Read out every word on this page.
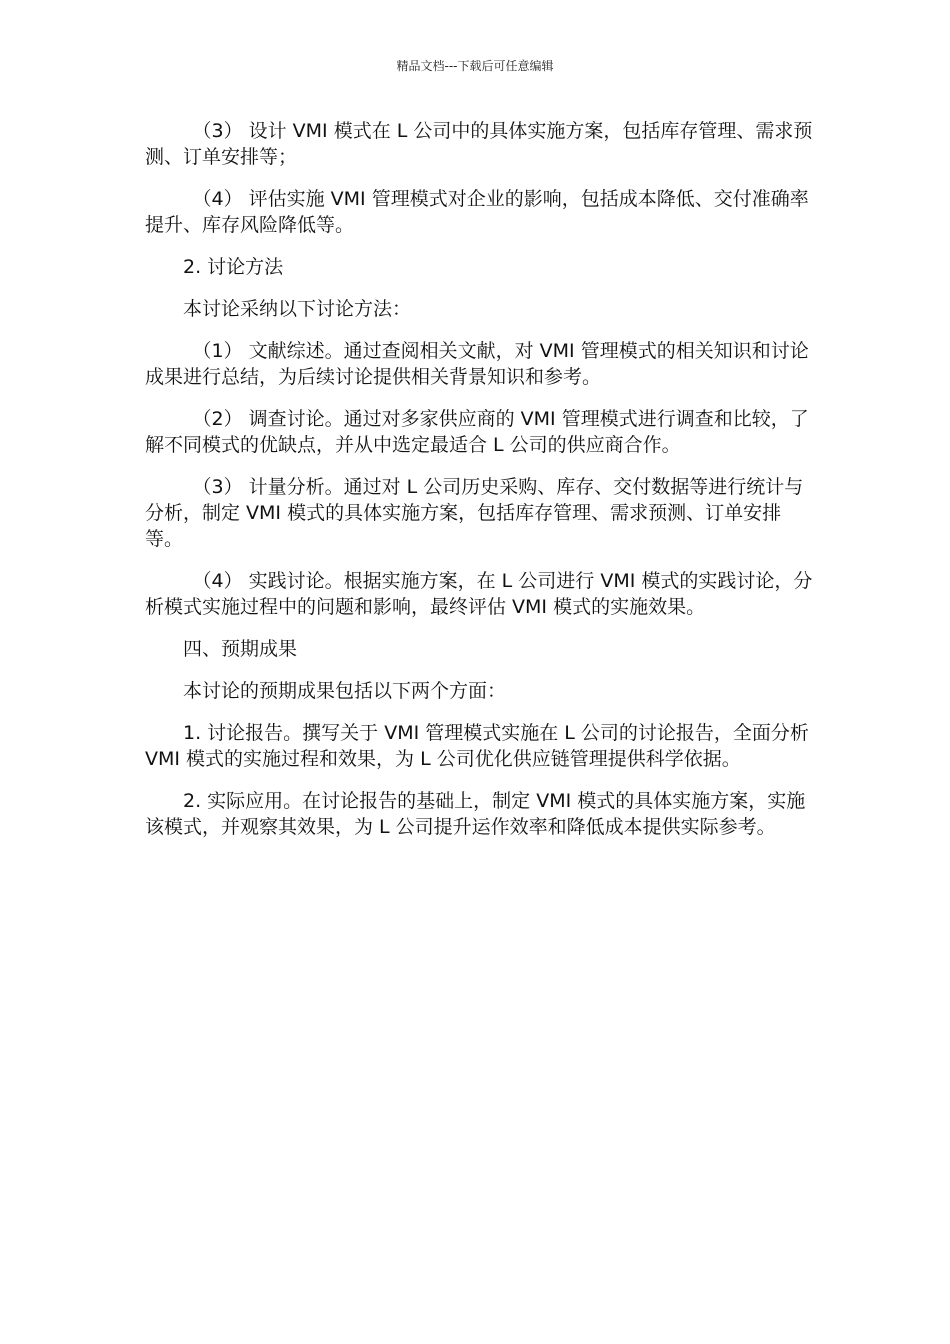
精品文档---下载后可任意编辑

（3） 设计 VMI 模式在 L 公司中的具体实施方案，包括库存管理、需求预测、订单安排等；

（4） 评估实施 VMI 管理模式对企业的影响，包括成本降低、交付准确率提升、库存风险降低等。

2. 讨论方法

本讨论采纳以下讨论方法：

（1） 文献综述。通过查阅相关文献，对 VMI 管理模式的相关知识和讨论成果进行总结，为后续讨论提供相关背景知识和参考。

（2） 调查讨论。通过对多家供应商的 VMI 管理模式进行调查和比较，了解不同模式的优缺点，并从中选定最适合 L 公司的供应商合作。

（3） 计量分析。通过对 L 公司历史采购、库存、交付数据等进行统计与分析，制定 VMI 模式的具体实施方案，包括库存管理、需求预测、订单安排等。

（4） 实践讨论。根据实施方案，在 L 公司进行 VMI 模式的实践讨论，分析模式实施过程中的问题和影响，最终评估 VMI 模式的实施效果。

四、预期成果

本讨论的预期成果包括以下两个方面：

1. 讨论报告。撰写关于 VMI 管理模式实施在 L 公司的讨论报告，全面分析 VMI 模式的实施过程和效果，为 L 公司优化供应链管理提供科学依据。

2. 实际应用。在讨论报告的基础上，制定 VMI 模式的具体实施方案，实施该模式，并观察其效果，为 L 公司提升运作效率和降低成本提供实际参考。
